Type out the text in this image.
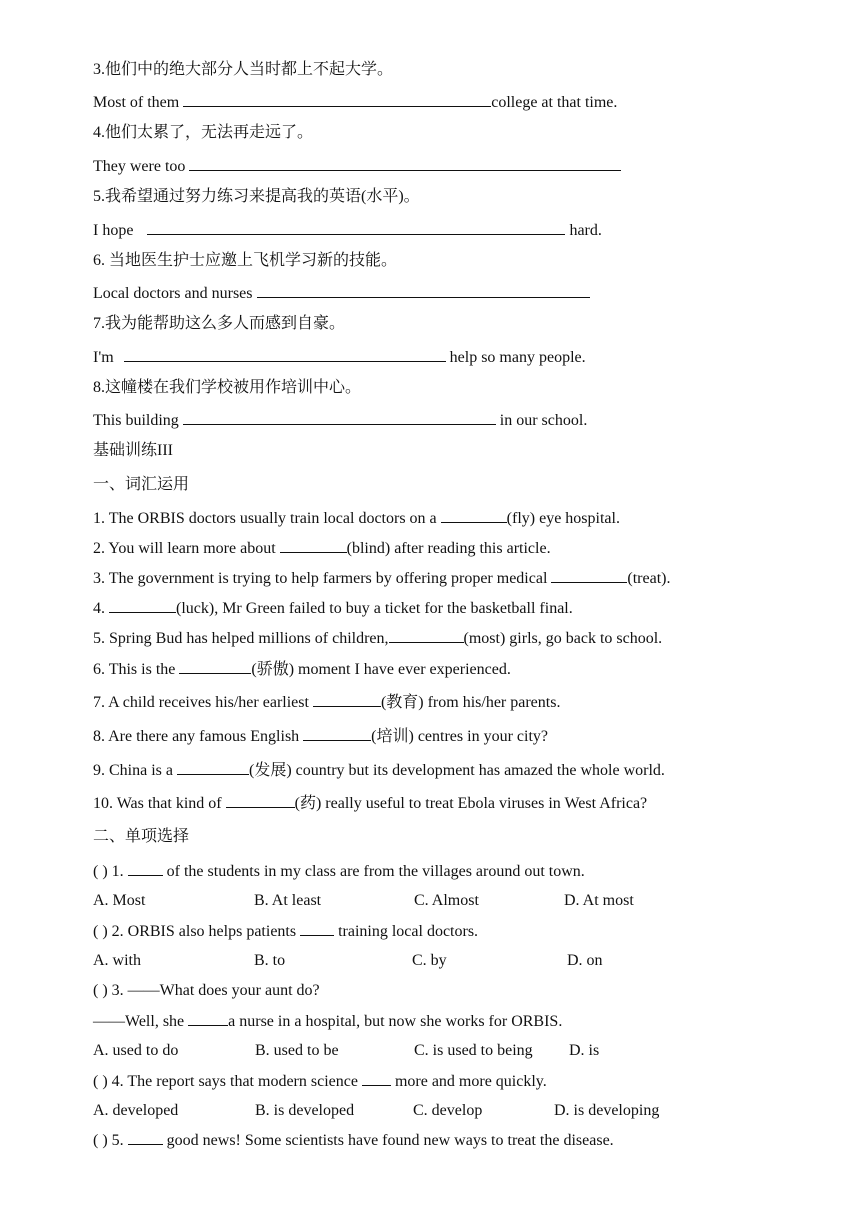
3.他们中的绝大部分人当时都上不起大学。
Most of them	college at that time.
4.他们太累了，无法再走远了。
They were too
5.我希望通过努力练习来提高我的英语(水平)。
I hope	hard.
6. 当地医生护士应邀上飞机学习新的技能。
Local doctors and nurses
7.我为能帮助这么多人而感到自豪。
I'm	help so many people.
8.这幢楼在我们学校被用作培训中心。
This building	in our school.
基础训练III
一、词汇运用
1. The ORBIS doctors usually train local doctors on a	(fly) eye hospital.
2. You will learn more about	(blind) after reading this article.
3. The government is trying to help farmers by offering proper medical	(treat).
4.	(luck), Mr Green failed to buy a ticket for the basketball final.
5. Spring Bud has helped millions of children,	(most) girls, go back to school.
6. This is the	(骄傲) moment I have ever experienced.
7. A child receives his/her earliest	(教育) from his/her parents.
8. Are there any famous English	(培训) centres in your city?
9. China is a	(发展) country but its development has amazed the whole world.
10. Was that kind of	(药) really useful to treat Ebola viruses in West Africa?
二、单项选择
( ) 1.  of the students in my class are from the villages around out town.
A. Most	B. At least	C. Almost	D. At most
( ) 2. ORBIS also helps patients  training local doctors.
A. with	B. to	C. by	D. on
( ) 3. ——What does your aunt do?
——Well, she	a nurse in a hospital, but now she works for ORBIS.
A. used to do	B. used to be	C. is used to being D. is
( ) 4. The report says that modern science  more and more quickly.
A. developed	B. is developed	C. develop	D. is developing
( ) 5.  good news! Some scientists have found new ways to treat the disease.
